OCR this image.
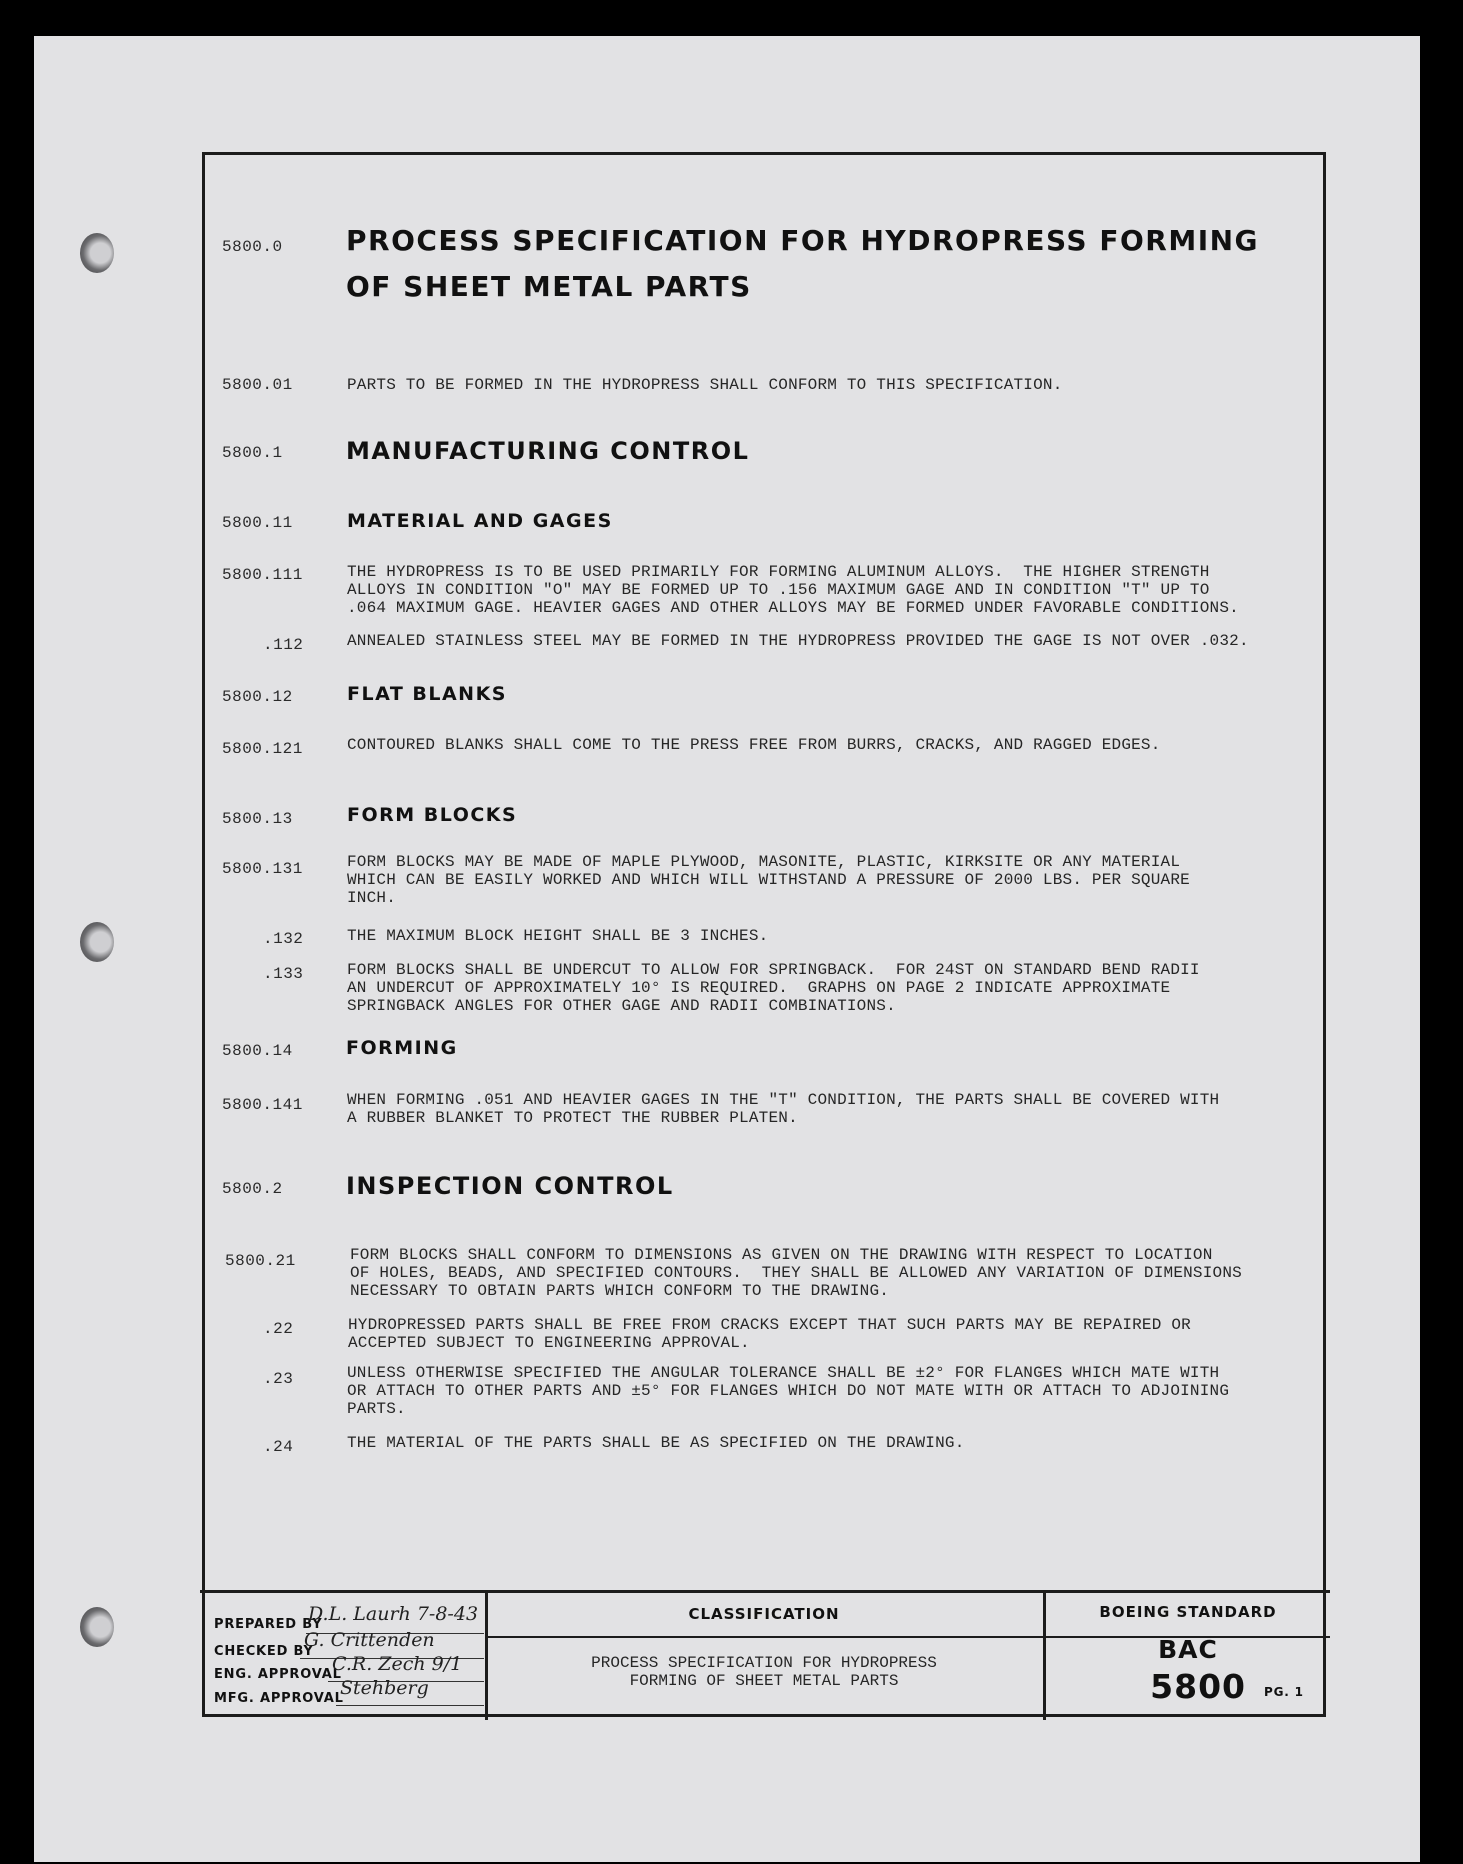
5800.0 PROCESS SPECIFICATION FOR HYDROPRESS FORMING
OF SHEET METAL PARTS
5800.01	PARTS TO BE FORMED IN THE HYDROPRESS SHALL CONFORM TO THIS SPECIFICATION.
5800.1	MANUFACTURING CONTROL
5800.11	MATERIAL AND GAGES
5800.111	THE HYDROPRESS IS TO BE USED PRIMARILY FOR FORMING ALUMINUM ALLOYS.  THE HIGHER STRENGTH
ALLOYS IN CONDITION "O" MAY BE FORMED UP TO .156 MAXIMUM GAGE AND IN CONDITION "T" UP TO
.064 MAXIMUM GAGE. HEAVIER GAGES AND OTHER ALLOYS MAY BE FORMED UNDER FAVORABLE CONDITIONS.
.112	ANNEALED STAINLESS STEEL MAY BE FORMED IN THE HYDROPRESS PROVIDED THE GAGE IS NOT OVER .032.
5800.12	FLAT BLANKS
5800.121	CONTOURED BLANKS SHALL COME TO THE PRESS FREE FROM BURRS, CRACKS, AND RAGGED EDGES.
5800.13	FORM BLOCKS
5800.131	FORM BLOCKS MAY BE MADE OF MAPLE PLYWOOD, MASONITE, PLASTIC, KIRKSITE OR ANY MATERIAL
WHICH CAN BE EASILY WORKED AND WHICH WILL WITHSTAND A PRESSURE OF 2000 LBS. PER SQUARE
INCH.
.132	THE MAXIMUM BLOCK HEIGHT SHALL BE 3 INCHES.
.133	FORM BLOCKS SHALL BE UNDERCUT TO ALLOW FOR SPRINGBACK.  FOR 24ST ON STANDARD BEND RADII
AN UNDERCUT OF APPROXIMATELY 10° IS REQUIRED.  GRAPHS ON PAGE 2 INDICATE APPROXIMATE
SPRINGBACK ANGLES FOR OTHER GAGE AND RADII COMBINATIONS.
5800.14	FORMING
5800.141	WHEN FORMING .051 AND HEAVIER GAGES IN THE "T" CONDITION, THE PARTS SHALL BE COVERED WITH
A RUBBER BLANKET TO PROTECT THE RUBBER PLATEN.
5800.2	INSPECTION CONTROL
5800.21	FORM BLOCKS SHALL CONFORM TO DIMENSIONS AS GIVEN ON THE DRAWING WITH RESPECT TO LOCATION
OF HOLES, BEADS, AND SPECIFIED CONTOURS.  THEY SHALL BE ALLOWED ANY VARIATION OF DIMENSIONS
NECESSARY TO OBTAIN PARTS WHICH CONFORM TO THE DRAWING.
.22	HYDROPRESSED PARTS SHALL BE FREE FROM CRACKS EXCEPT THAT SUCH PARTS MAY BE REPAIRED OR
ACCEPTED SUBJECT TO ENGINEERING APPROVAL.
.23	UNLESS OTHERWISE SPECIFIED THE ANGULAR TOLERANCE SHALL BE ±2° FOR FLANGES WHICH MATE WITH
OR ATTACH TO OTHER PARTS AND ±5° FOR FLANGES WHICH DO NOT MATE WITH OR ATTACH TO ADJOINING
PARTS.
.24	THE MATERIAL OF THE PARTS SHALL BE AS SPECIFIED ON THE DRAWING.
PREPARED BY
D.L. Laurh 7-8-43
CHECKED BY
G. Crittenden
ENG. APPROVAL
C.R. Zech 9/1
MFG. APPROVAL
Stehberg
CLASSIFICATION
PROCESS SPECIFICATION FOR HYDROPRESS
FORMING OF SHEET METAL PARTS
BOEING STANDARD
BAC
5800 PG. 1
